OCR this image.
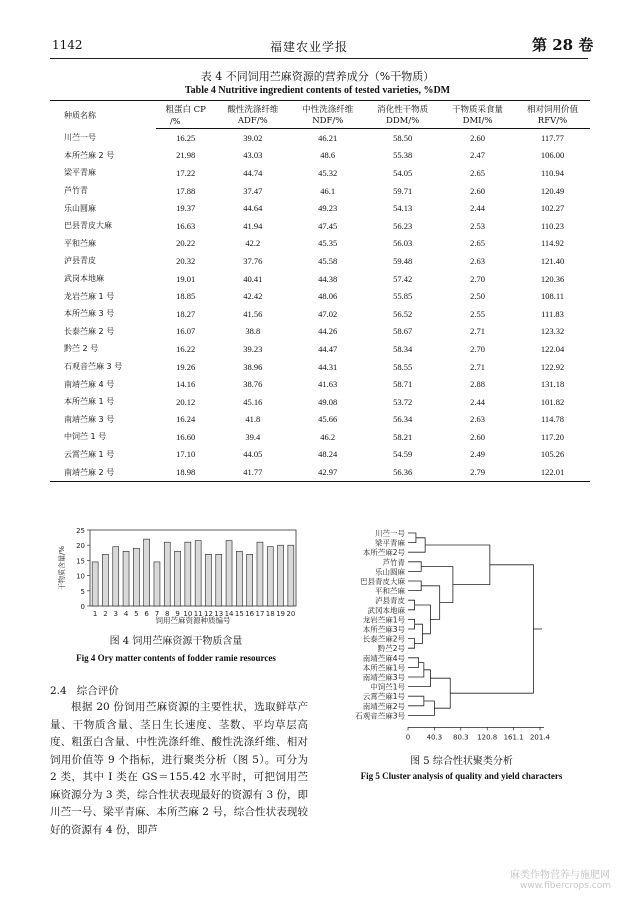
1142	福建农业学报	第 28 卷
表 4 不同饲用苎麻资源的营养成分（%干物质）
Table 4 Nutritive ingredient contents of tested varieties, %DM
种质名称	粗蛋白 CP	酸性洗涤纤维	中性洗涤纤维	消化性干物质	干物质采食量	相对饲用价值
	/%	ADF/%	NDF/%	DDM/%	DMI/%	RFV/%
川苎一号	16.25	39.02	46.21	58.50	2.60	117.77
本所苎麻 2 号	21.98	43.03	48.6	55.38	2.47	106.00
梁平青麻	17.22	44.74	45.32	54.05	2.65	110.94
芦竹青	17.88	37.47	46.1	59.71	2.60	120.49
乐山圆麻	19.37	44.64	49.23	54.13	2.44	102.27
巴县青皮大麻	16.63	41.94	47.45	56.23	2.53	110.23
平和苎麻	20.22	42.2	45.35	56.03	2.65	114.92
泸县青皮	20.32	37.76	45.58	59.48	2.63	121.40
武岗本地麻	19.01	40.41	44.38	57.42	2.70	120.36
龙岩苎麻 1 号	18.85	42.42	48.06	55.85	2.50	108.11
本所苎麻 3 号	18.27	41.56	47.02	56.52	2.55	111.83
长泰苎麻 2 号	16.07	38.8	44.26	58.67	2.71	123.32
黔苎 2 号	16.22	39.23	44.47	58.34	2.70	122.04
石观音苎麻 3 号	19.26	38.96	44.31	58.55	2.71	122.92
南靖苎麻 4 号	14.16	38.76	41.63	58.71	2.88	131.18
本所苎麻 1 号	20.12	45.16	49.08	53.72	2.44	101.82
南靖苎麻 3 号	16.24	41.8	45.66	56.34	2.63	114.78
中饲苎 1 号	16.60	39.4	46.2	58.21	2.60	117.20
云霄苎麻 1 号	17.10	44.05	48.24	54.59	2.49	105.26
南靖苎麻 2 号	18.98	41.77	42.97	56.36	2.79	122.01
0
5
10
15
20
25
1 2 3 4 5 6 7 8 9 10 11 12 13 14 15 16 17 18 19 20
干物质含量/%
饲用苎麻资源种质编号
图 4 饲用苎麻资源干物质含量
Fig 4 Ory matter contents of fodder ramie resources
2.4 综合评价

根据 20 份饲用苎麻资源的主要性状，选取鲜草产量、干物质含量、茎日生长速度、茎数、平均草层高度、粗蛋白含量、中性洗涤纤维、酸性洗涤纤维、相对饲用价值等 9 个指标，进行聚类分析（图 5）。可分为 2 类，其中 I 类在 GS＝155.42 水平时，可把饲用苎麻资源分为 3 类，综合性状表现最好的资源有 3 份，即川苎一号、梁平青麻、本所苎麻 2 号，综合性状表现较好的资源有 4 份，即芦

川苎一号
梁平青麻
本所苎麻2号
芦竹青
乐山圆麻
巴县青皮大麻
平和苎麻
泸县青皮
武冈本地麻
龙岩苎麻1号
本所苎麻3号
长泰苎麻2号
黔苎2号
南靖苎麻4号
本所苎麻1号
南靖苎麻3号
中饲苎1号
云霄苎麻1号
南靖苎麻2号
石观音苎麻3号
0 40.3 80.3 120.8 161.1 201.4
图 5 综合性状聚类分析
Fig 5 Cluster analysis of quality and yield characters
麻类作物营养与施肥网
www.fibercrops.com
